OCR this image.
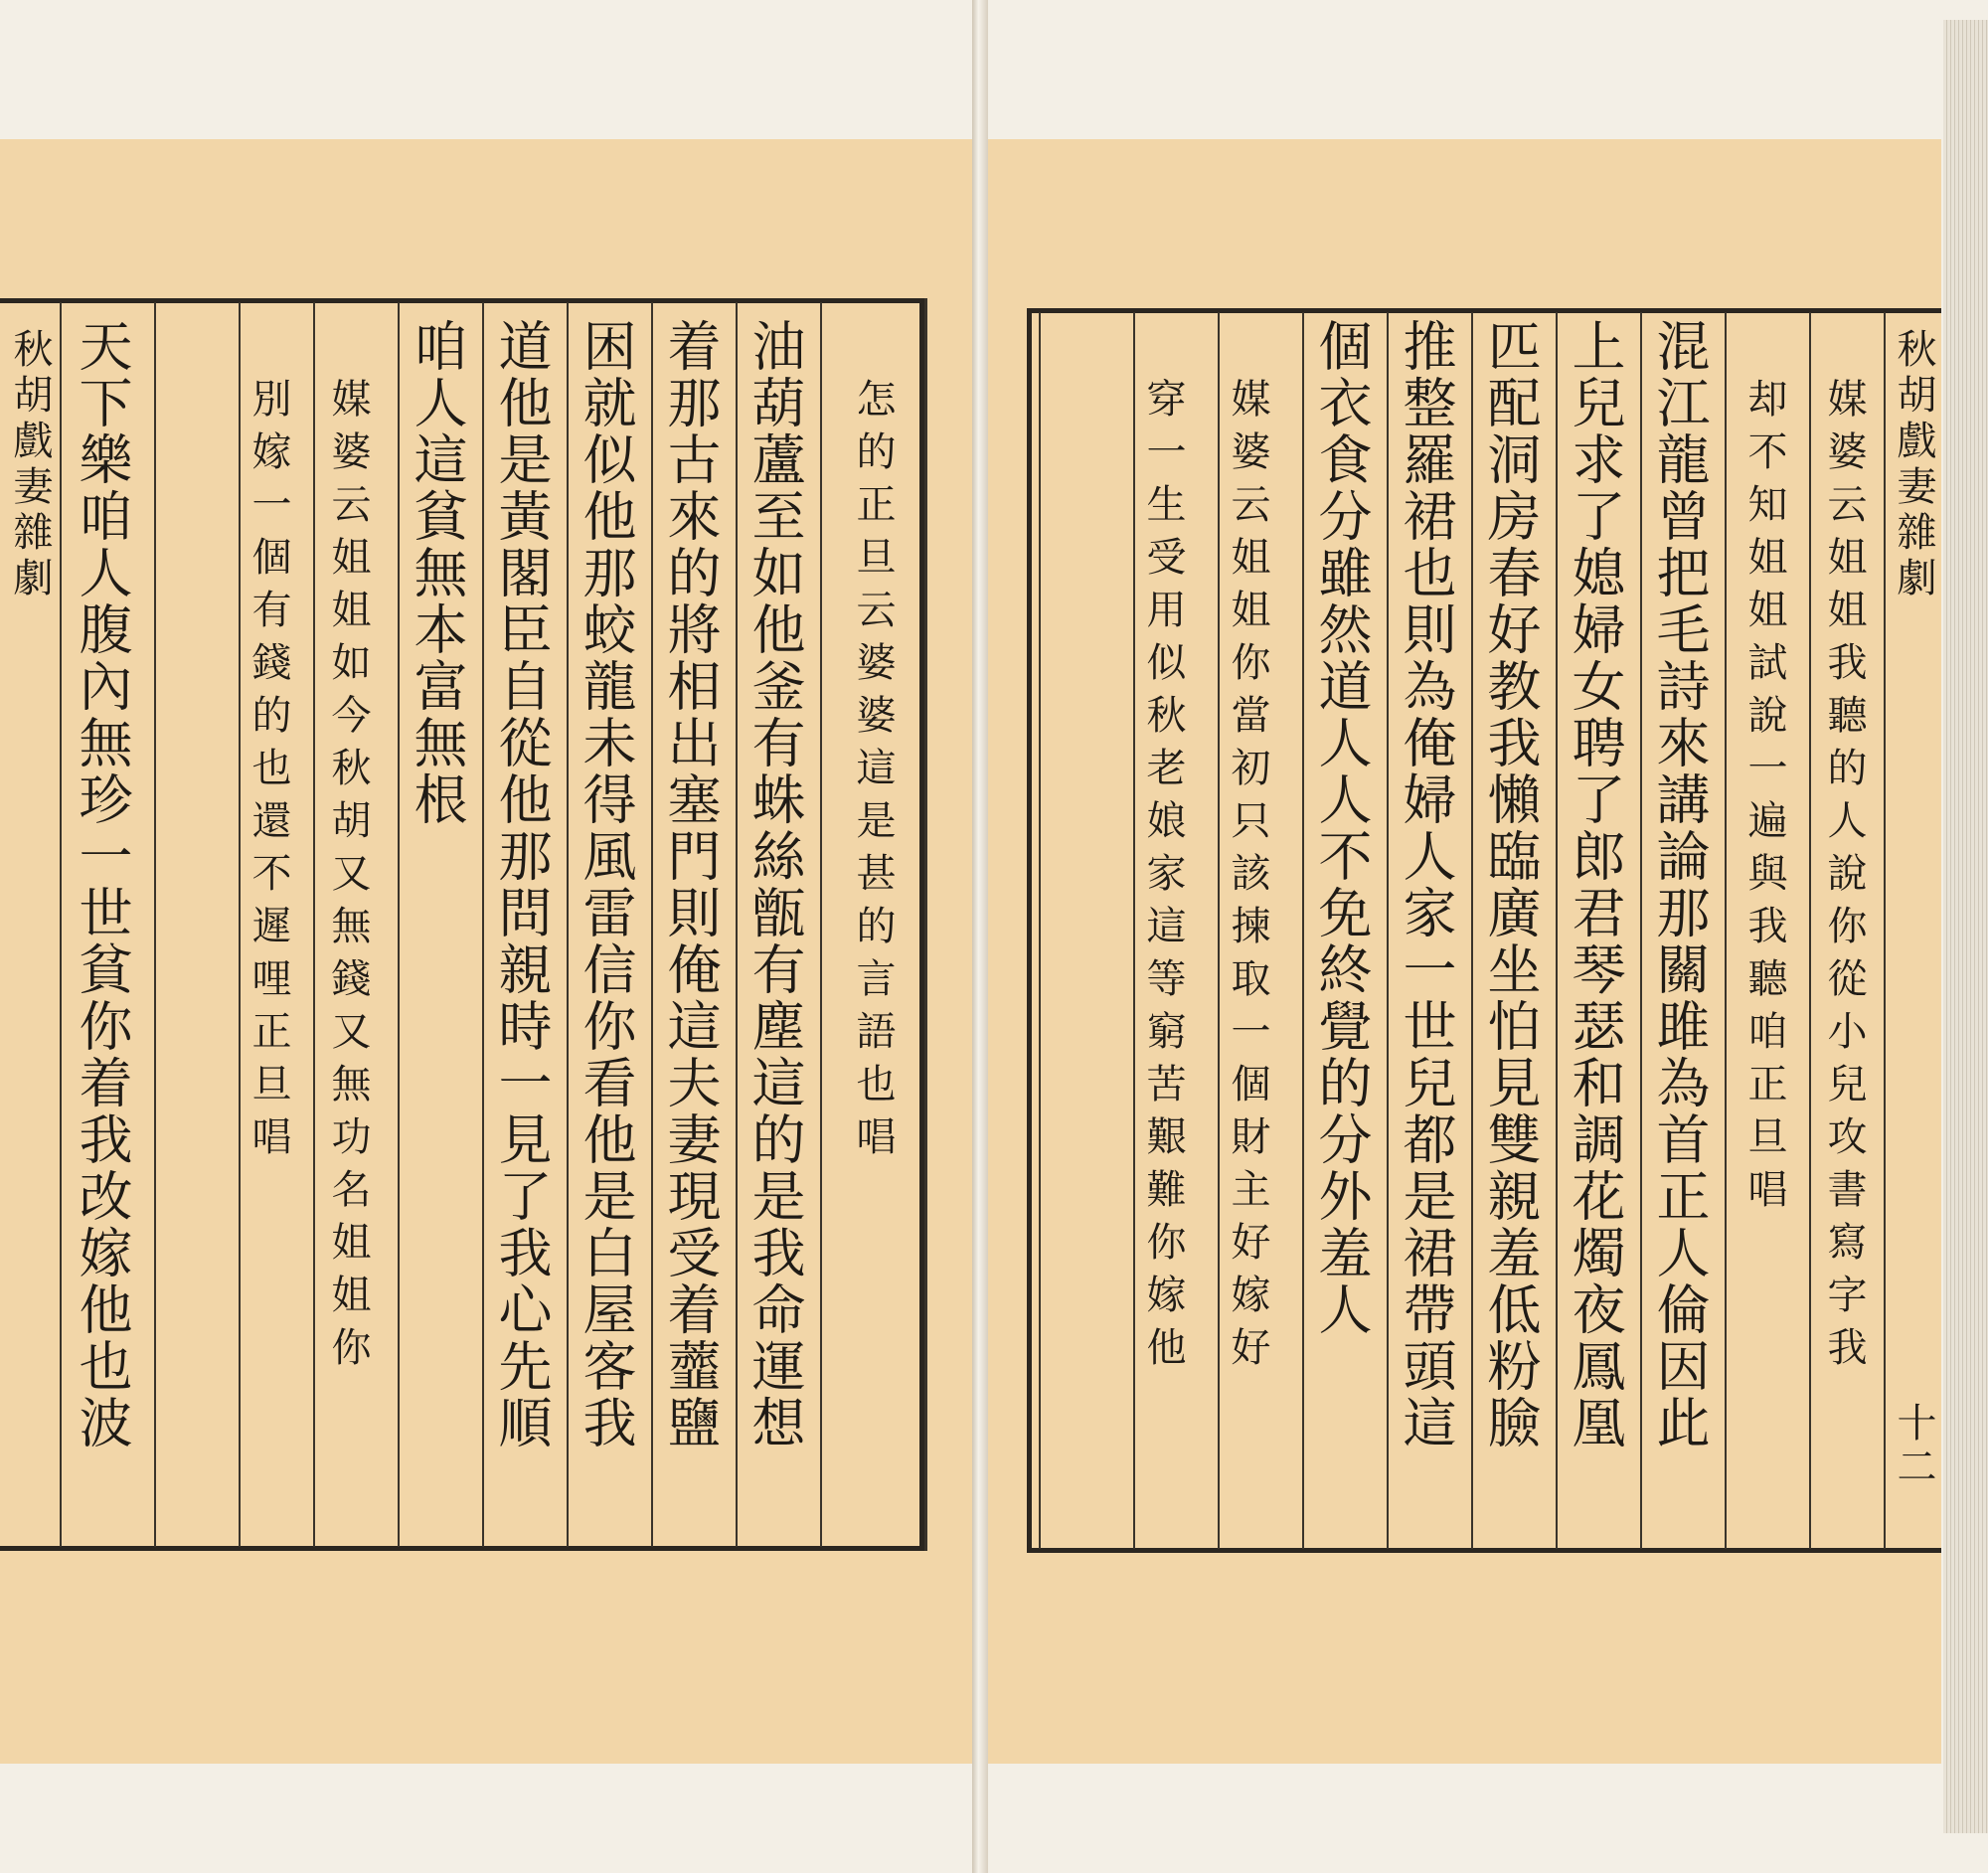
怎的正旦云婆婆這是甚的言語也唱
油葫蘆至如他釜有蛛絲甑有塵這的是我命運想
着那古來的將相出塞門則俺這夫妻現受着虀鹽
困就似他那蛟龍未得風雷信你看他是白屋客我
道他是黃閣臣自從他那問親時一見了我心先順
咱人這貧無本富無根
媒婆云姐姐如今秋胡又無錢又無功名姐姐你
別嫁一個有錢的也還不遲哩正旦唱
天下樂咱人腹內無珍一世貧你着我改嫁他也波
秋胡戲妻雜劇	媒婆云姐姐我聽的人說你從小兒攻書寫字我
却不知姐姐試說一遍與我聽咱正旦唱
混江龍曾把毛詩來講論那關雎為首正人倫因此
上兒求了媳婦女聘了郎君琴瑟和調花燭夜鳳凰
匹配洞房春好教我懶臨廣坐怕見雙親羞低粉臉
推整羅裙也則為俺婦人家一世兒都是裙帶頭這
個衣食分雖然道人人不免終覺的分外羞人
媒婆云姐姐你當初只該揀取一個財主好嫁好
穿一生受用似秋老娘家這等窮苦艱難你嫁他	秋胡戲妻雜劇
十二
